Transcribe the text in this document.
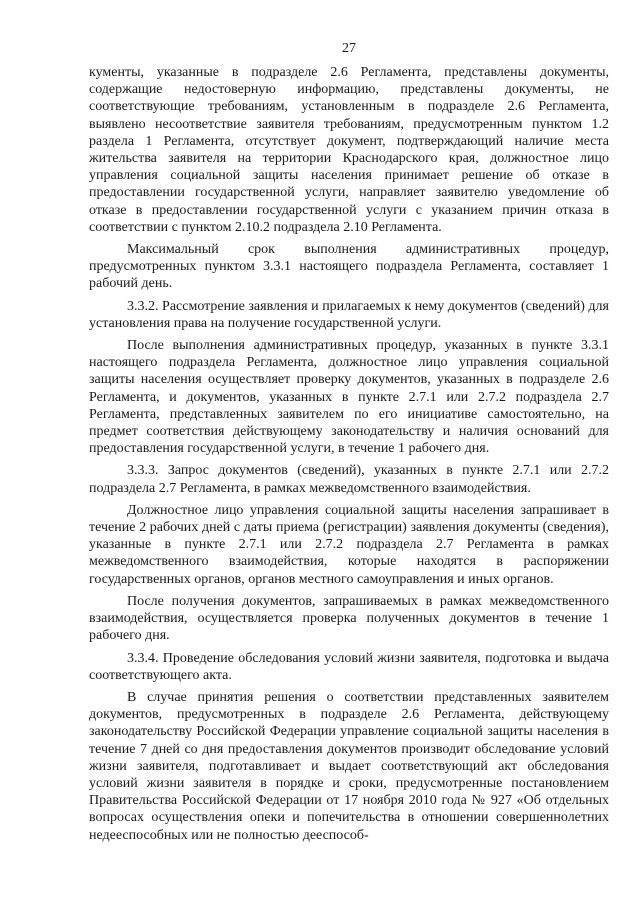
27

кументы, указанные в подразделе 2.6 Регламента, представлены документы, содержащие недостоверную информацию, представлены документы, не соответствующие требованиям, установленным в подразделе 2.6 Регламента, выявлено несоответствие заявителя требованиям, предусмотренным пунктом 1.2 раздела 1 Регламента, отсутствует документ, подтверждающий наличие места жительства заявителя на территории Краснодарского края, должностное лицо управления социальной защиты населения принимает решение об отказе в предоставлении государственной услуги, направляет заявителю уведомление об отказе в предоставлении государственной услуги с указанием причин отказа в соответствии с пунктом 2.10.2 подраздела 2.10 Регламента.

Максимальный срок выполнения административных процедур, предусмотренных пунктом 3.3.1 настоящего подраздела Регламента, составляет 1 рабочий день.

3.3.2. Рассмотрение заявления и прилагаемых к нему документов (сведений) для установления права на получение государственной услуги.

После выполнения административных процедур, указанных в пункте 3.3.1 настоящего подраздела Регламента, должностное лицо управления социальной защиты населения осуществляет проверку документов, указанных в подразделе 2.6 Регламента, и документов, указанных в пункте 2.7.1 или 2.7.2 подраздела 2.7 Регламента, представленных заявителем по его инициативе самостоятельно, на предмет соответствия действующему законодательству и наличия оснований для предоставления государственной услуги, в течение 1 рабочего дня.

3.3.3. Запрос документов (сведений), указанных в пункте 2.7.1 или 2.7.2 подраздела 2.7 Регламента, в рамках межведомственного взаимодействия.

Должностное лицо управления социальной защиты населения запрашивает в течение 2 рабочих дней с даты приема (регистрации) заявления документы (сведения), указанные в пункте 2.7.1 или 2.7.2 подраздела 2.7 Регламента в рамках межведомственного взаимодействия, которые находятся в распоряжении государственных органов, органов местного самоуправления и иных органов.

После получения документов, запрашиваемых в рамках межведомственного взаимодействия, осуществляется проверка полученных документов в течение 1 рабочего дня.

3.3.4. Проведение обследования условий жизни заявителя, подготовка и выдача соответствующего акта.

В случае принятия решения о соответствии представленных заявителем документов, предусмотренных в подразделе 2.6 Регламента, действующему законодательству Российской Федерации управление социальной защиты населения в течение 7 дней со дня предоставления документов производит обследование условий жизни заявителя, подготавливает и выдает соответствующий акт обследования условий жизни заявителя в порядке и сроки, предусмотренные постановлением Правительства Российской Федерации от 17 ноября 2010 года № 927 «Об отдельных вопросах осуществления опеки и попечительства в отношении совершеннолетних недееспособных или не полностью дееспособ-
